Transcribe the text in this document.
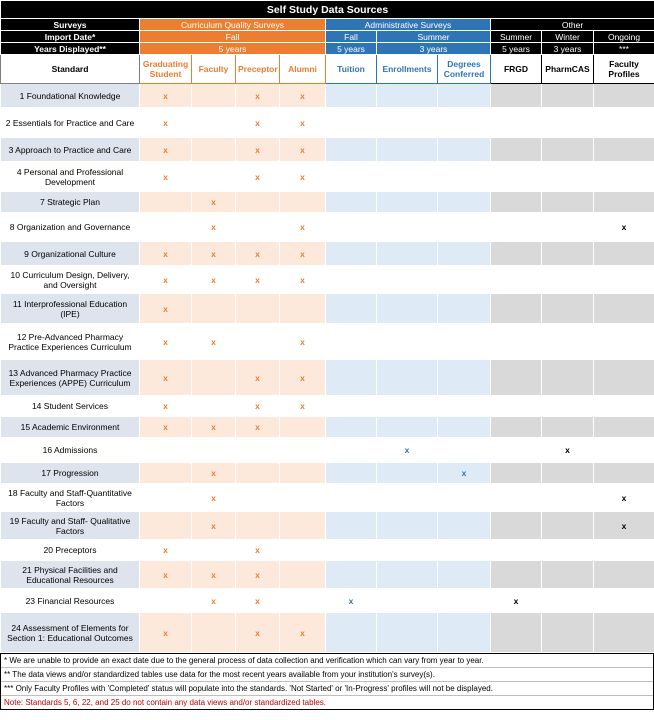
Self Study Data Sources										
Surveys	Curriculum Quality Surveys				Administrative Surveys			Other		
Import Date*	Fall				Fall	Summer		Summer	Winter	Ongoing
Years Displayed**	5 years				5 years	3 years		5 years	3 years	***
Standard	Graduating Student	Faculty	Preceptor	Alumni	Tuition	Enrollments	Degrees Conferred	FRGD	PharmCAS	Faculty Profiles
1 Foundational Knowledge	x		x	x						
2 Essentials for Practice and Care	x		x	x						
3 Approach to Practice and Care	x		x	x						
4 Personal and Professional Development	x		x	x						
7 Strategic Plan		x								
8 Organization and Governance		x		x						x
9 Organizational Culture	x	x	x	x						
10 Curriculum Design, Delivery, and Oversight	x	x	x	x						
11 Interprofessional Education (IPE)	x									
12 Pre-Advanced Pharmacy Practice Experiences Curriculum	x	x		x						
13 Advanced Pharmacy Practice Experiences (APPE) Curriculum	x		x	x						
14 Student Services	x		x	x						
15 Academic Environment	x	x	x							
16 Admissions						x			x	
17 Progression		x					x			
18 Faculty and Staff-Quantitative Factors		x								x
19 Faculty and Staff- Qualitative Factors		x								x
20 Preceptors	x		x							
21 Physical Facilities and Educational Resources	x	x	x							
23 Financial Resources		x	x		x			x		
24 Assessment of Elements for Section 1: Educational Outcomes	x		x	x						
* We are unable to provide an exact date due to the general process of data collection and verification which can vary from year to year.
** The data views and/or standardized tables use data for the most recent years available from your institution's survey(s).
*** Only Faculty Profiles with 'Completed' status will populate into the standards. 'Not Started' or 'In-Progress' profiles will not be displayed.
Note: Standards 5, 6, 22, and 25 do not contain any data views and/or standardized tables.
